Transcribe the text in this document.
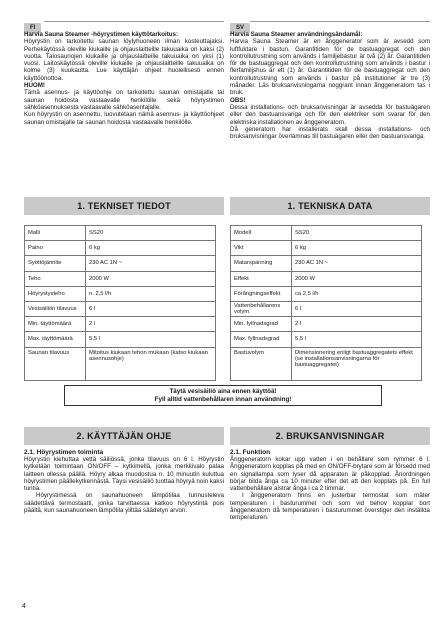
FI

Harvia Sauna Steamer -höyrystimen käyttötarkoitus:

Höyrystin on tarkoitettu saunan löylyhuoneen ilman kosteuttajaksi. Perhekäytössä oleville kiukaille ja ohjauslaitteille takuuaika on kaksi (2) vuotta. Talosaunojen kiukaille ja ohjauslaitteille takuuaika on yksi (1) vuosi. Laitoskäytössä oleville kiukaille ja ohjauslaitteille takuuaika on kolme (3) kuukautta. Lue käyttäjän ohjeet huolellisesti ennen käyttöönottoa.

HUOM!

Tämä asennus- ja käyttöohje on tarkoitettu saunan omistajalle tai saunan hoidosta vastaavalle henkilölle sekä höyrystimen sähköasennuksesta vastaavalle sähköasentajalle.

Kun höyrystin on asennettu, luovutetaan nämä asennus- ja käyttöohjeet saunan omistajalle tai saunan hoidosta vastaavalle henkilölle.

1. TEKNISET TIEDOT
Malli	SS20
Paino	6 kg
Syöttöjännite	230 AC 1N ~
Teho	2000 W
Höyrystysteho	n. 2,5 l/h
Vesisäiliön tilavuus	6 l
Min. täyttömäärä	2 l
Max. täyttömäärä	5,5 l
Saunan tilavuus	Mitoitus kiukaan tehon mukaan (katso kiukaan asennusohje)
SV

Harvia Sauna Steamer användningsändamål:

Harvia Sauna Steamer är en ånggenerator som är avsedd som luftfuktare i bastun. Garantitiden för de bastuaggregat och den kontrollutrustning som används i familjebastur är två (2) år. Garantitiden för de bastuaggregat och den kontrollutrustning som används i bastur i flerfamiljshus är ett (1) år. Garantitiden för de bastuaggregat och den kontrollutrustning som används i bastur på institutioner är tre (3) månader. Läs bruksanvisningarna noggrant innan ånggeneratorn tas i bruk.

OBS!

Dessa installations- och bruksanvisningar är avsedda för bastuägaren eller den bastuansvariga och för den elektriker som svarar för den elektriska installationen av ånggeneratorn.

Då generatorn har installerats skall dessa installations- och bruksanvisningar överlämnas till bastuägaren eller den bastuansvariga.

1. TEKNISKA DATA
Modell	SS20
Vikt	6 kg
Matarspänning	230 AC 1N ~
Effekt	2000 W
Förångningseffekt	ca 2,5 l/h
Vattenbehållarens volym	6 l
Min. fyllnadsgrad	2 l
Max. fyllnadsgrad	5,5 l
Bastuvolym	Dimensionering enligt bastuaggregatets effekt (se installationsanvisningarna för bastuaggregatet)
Täytä vesisäiliö aina ennen käyttöä!
Fyll alltid vattenbehållaren innan användning!
2. KÄYTTÄJÄN OHJE	2. BRUKSANVISNINGAR
2.1. Höyrystimen toiminta	2.1. Funktion

Höyrystin kiehuttaa vettä säiliössä, jonka tilavuus on 6 l. Höyrystin kytketään toimintaan ON/OFF – kytkimellä, jonka merkkivalo palaa laitteen ollessa päällä. Höyry alkaa muodostua n. 10 minuutin kuluttua höyrystimen päällekytkennästä. Täysi vesisäiliö tuottaa höyryä noin kaksi tuntia.

Höyrystimessä on saunahuoneen lämpötilaa tunnusteleva säädettävä termostaatti, jonka tarvittaessa katkoo höyrystintä pois päältä, kun saunahuoneen lämpötila ylittää säädetyn arvon.

Ånggeneratorn kokar upp vatten i en behållare som rymmer 6 l. Ånggeneratorn kopplas på med en ON/OFF-brytare som är försedd med en signallampa som lyser då apparaten är påkopplad. Ånordningen börjar bilda ånga ca 10 minuter efter det att den kopplats på. En full vattenbehållare alstrar ånga i ca 2 timmar.

I ånggeneratorn finns en justerbar termostat som mäter temperaturen i basturummet och som vid behov kopplar bort ånggeneratorn då temperaturen i basturummet överstiger den inställda temperaturen.

4
